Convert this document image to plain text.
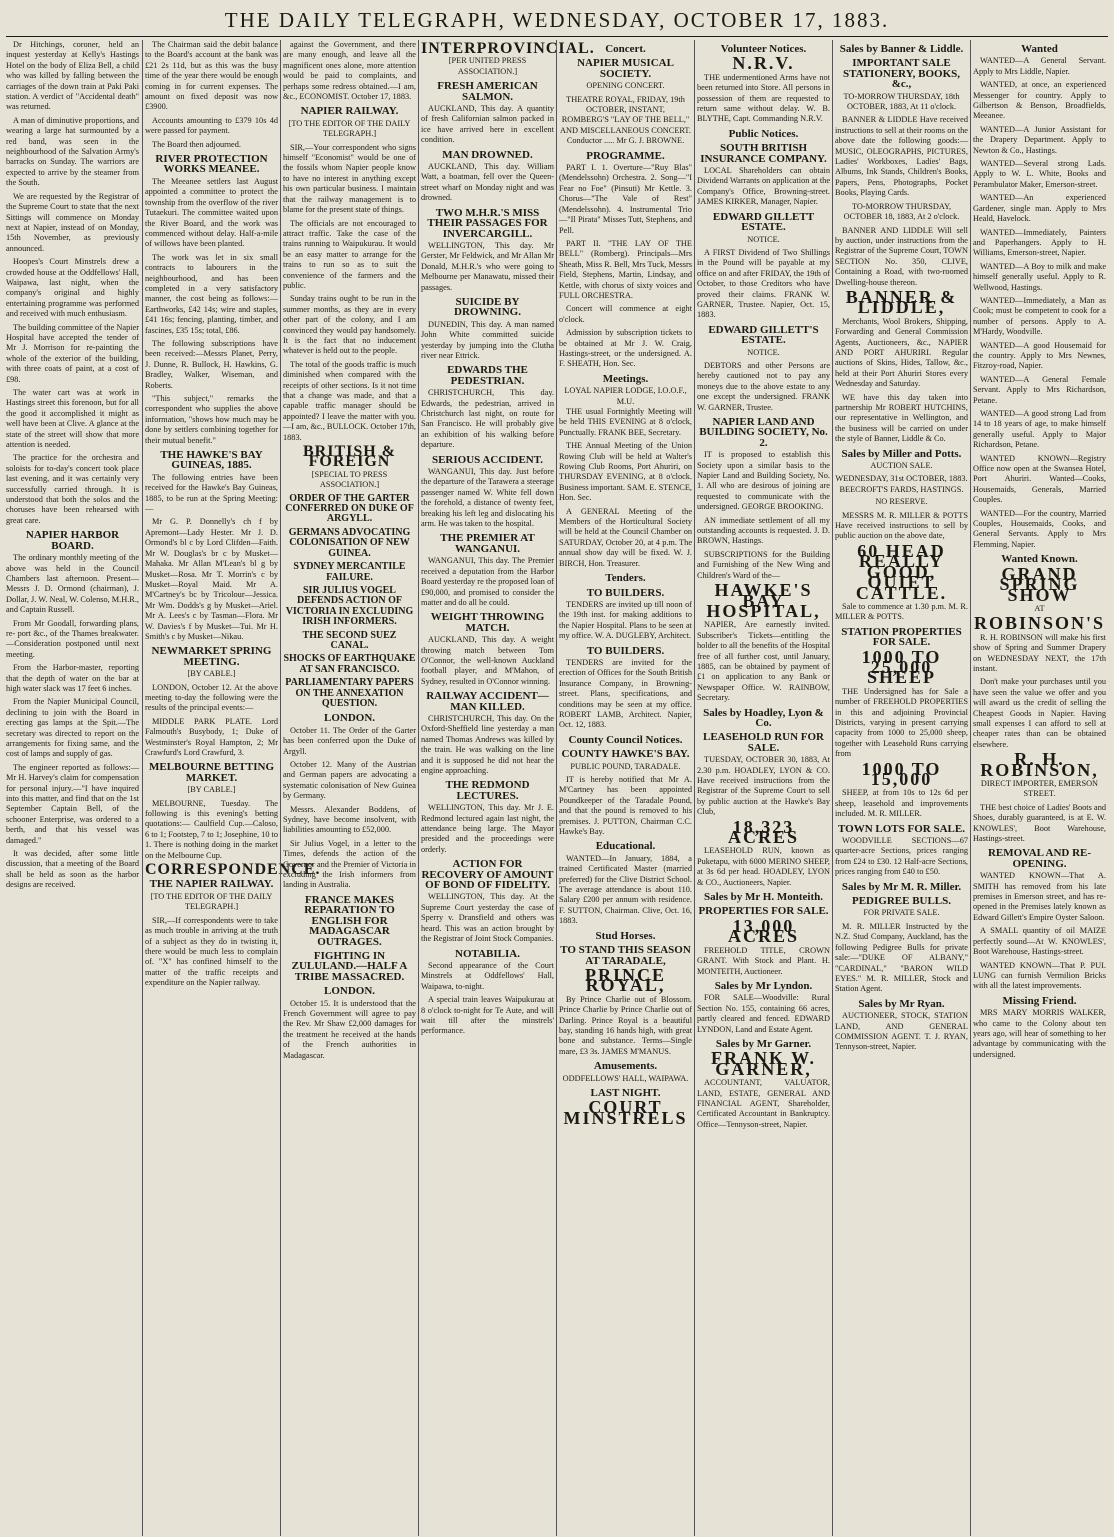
THE DAILY TELEGRAPH, WEDNESDAY, OCTOBER 17, 1883.
Dr Hitchings, coroner, held an inquest yesterday at Kelly's Hastings Hotel on the body of Eliza Bell, a child who was killed by falling between the carriages of the down train at Paki Paki station. A verdict of "Accidental death" was returned.
A man of diminutive proportions, and wearing a large hat surmounted by a red band, was seen in the neighbourhood of the Salvation Army's barracks on Sunday. The warriors are expected to arrive by the steamer from the South.
We are requested by the Registrar of the Supreme Court to state that the next Sittings will commence on Monday next at Napier, instead of on Monday, 15th November, as previously announced.
Hoopes's Court Minstrels drew a crowded house at the Oddfellows' Hall, Waipawa, last night, when the company's original and highly entertaining programme was performed and received with much enthusiasm.
The building committee of the Napier Hospital have accepted the tender of Mr J. Morrison for re-painting the whole of the exterior of the building, with three coats of paint, at a cost of £98.
The water cart was at work in Hastings street this forenoon, but for all the good it accomplished it might as well have been at Clive. A glance at the state of the street will show that more attention is needed.
The practice for the orchestra and soloists for to-day's concert took place last evening, and it was certainly very successfully carried through. It is understood that both the solos and the choruses have been rehearsed with great care.
NAPIER HARBOR BOARD.
The ordinary monthly meeting of the above was held in the Council Chambers last afternoon. Present—Messrs J. D. Ormond (chairman), J. Dollar, J. W. Neal, W. Colenso, M.H.R., and Captain Russell.
From Mr Goodall, forwarding plans, re- port &c., of the Thames breakwater.—Consideration postponed until next meeting.
From the Harbor-master, reporting that the depth of water on the bar at high water slack was 17 feet 6 inches.
From the Napier Municipal Council, declining to join with the Board in erecting gas lamps at the Spit.—The secretary was directed to report on the arrangements for fixing same, and the cost of lamps and supply of gas.
The engineer reported as follows:—Mr H. Harvey's claim for compensation for personal injury.—"I have inquired into this matter, and find that on the 1st September Captain Bell, of the schooner Enterprise, was ordered to a berth, and that his vessel was damaged."
It was decided, after some little discussion, that a meeting of the Board shall be held as soon as the harbor designs are received.
The Chairman said the debit balance to the Board's account at the bank was £21 2s 11d, but as this was the busy time of the year there would be enough coming in for current expenses. The amount on fixed deposit was now £3900.
Accounts amounting to £379 10s 4d were passed for payment.
The Board then adjourned.
RIVER PROTECTION WORKS MEANEE.
The Meeanee settlers last August appointed a committee to protect the township from the overflow of the river Tutaekuri. The committee waited upon the River Board, and the work was commenced without delay. Half-a-mile of willows have been planted.
The work was let in six small contracts to labourers in the neighbourhood, and has been completed in a very satisfactory manner, the cost being as follows:—Earthworks, £42 14s; wire and staples, £41 16s; fencing, planting, timber, and fascines, £35 15s; total, £86.
The following subscriptions have been received:—Messrs Planet, Perry, J. Dunne, R. Bullock, H. Hawkins, G. Bradley, Walker, Wiseman, and Roberts.
"This subject," remarks the correspondent who supplies the above information, "shows how much may be done by settlers combining together for their mutual benefit."
THE HAWKE'S BAY GUINEAS, 1885.
The following entries have been received for the Hawke's Bay Guineas, 1885, to be run at the Spring Meeting:—
Mr G. P. Donnelly's ch f by Apremont—Lady Hester. Mr J. D. Ormond's bl c by Lord Clifden—Faith. Mr W. Douglas's br c by Musket—Mahaka. Mr Allan M'Lean's bl g by Musket—Rosa. Mr T. Morrin's c by Musket—Royal Maid. Mr A. M'Cartney's bc by Tricolour—Jessica. Mr Wm. Dodds's g by Musket—Ariel. Mr A. Lees's c by Tasman—Flora. Mr W. Davies's f by Musket—Tui. Mr H. Smith's c by Musket—Nikau.
NEWMARKET SPRING MEETING.
[BY CABLE.]
LONDON, October 12. At the above meeting to-day the following were the results of the principal events:—
MIDDLE PARK PLATE. Lord Falmouth's Busybody, 1; Duke of Westminster's Royal Hampton, 2; Mr Crawfurd's Lord Crawfurd, 3.
MELBOURNE BETTING MARKET.
[BY CABLE.]
MELBOURNE, Tuesday. The following is this evening's betting quotations:— Caulfield Cup.—Caloso, 6 to 1; Footstep, 7 to 1; Josephine, 10 to 1. There is nothing doing in the market on the Melbourne Cup.
CORRESPONDENCE.
THE NAPIER RAILWAY.
[TO THE EDITOR OF THE DAILY TELEGRAPH.]
SIR,—If correspondents were to take as much trouble in arriving at the truth of a subject as they do in twisting it, there would be much less to complain of. "X" has confined himself to the matter of the traffic receipts and expenditure on the Napier railway.
against the Government, and there are many enough, and leave all the magnificent ones alone, more attention would be paid to complaints, and perhaps some redress obtained.—I am, &c., ECONOMIST. October 17, 1883.
NAPIER RAILWAY.
[TO THE EDITOR OF THE DAILY TELEGRAPH.]
SIR,—Your correspondent who signs himself "Economist" would be one of the fossils whom Napier people know to have no interest in anything except his own particular business. I maintain that the railway management is to blame for the present state of things.
The officials are not encouraged to attract traffic. Take the case of the trains running to Waipukurau. It would be an easy matter to arrange for the trains to run so as to suit the convenience of the farmers and the public.
Sunday trains ought to be run in the summer months, as they are in every other part of the colony, and I am convinced they would pay handsomely. It is the fact that no inducement whatever is held out to the people.
The total of the goods traffic is much diminished when compared with the receipts of other sections. Is it not time that a change was made, and that a capable traffic manager should be appointed? I leave the matter with you.—I am, &c., BULLOCK. October 17th, 1883.
BRITISH & FOREIGN
[SPECIAL TO PRESS ASSOCIATION.]
ORDER OF THE GARTER CONFERRED ON DUKE OF ARGYLL.
GERMANS ADVOCATING COLONISATION OF NEW GUINEA.
SYDNEY MERCANTILE FAILURE.
SIR JULIUS VOGEL DEFENDS ACTION OF VICTORIA IN EXCLUDING IRISH INFORMERS.
THE SECOND SUEZ CANAL.
SHOCKS OF EARTHQUAKE AT SAN FRANCISCO.
PARLIAMENTARY PAPERS ON THE ANNEXATION QUESTION.
LONDON.
October 11. The Order of the Garter has been conferred upon the Duke of Argyll.
October 12. Many of the Austrian and German papers are advocating a systematic colonisation of New Guinea by Germany.
Messrs. Alexander Boddens, of Sydney, have become insolvent, with liabilities amounting to £52,000.
Sir Julius Vogel, in a letter to the Times, defends the action of the Governor and the Premier of Victoria in excluding the Irish informers from landing in Australia.
FRANCE MAKES REPARATION TO ENGLISH FOR MADAGASCAR OUTRAGES.
FIGHTING IN ZULULAND.—HALF A TRIBE MASSACRED.
LONDON.
October 15. It is understood that the French Government will agree to pay the Rev. Mr Shaw £2,000 damages for the treatment he received at the hands of the French authorities in Madagascar.
INTERPROVINCIAL.
[PER UNITED PRESS ASSOCIATION.]
FRESH AMERICAN SALMON.
AUCKLAND, This day. A quantity of fresh Californian salmon packed in ice have arrived here in excellent condition.
MAN DROWNED.
AUCKLAND, This day. William Watt, a boatman, fell over the Queen-street wharf on Monday night and was drowned.
TWO M.H.R.'S MISS THEIR PASSAGES FOR INVERCARGILL.
WELLINGTON, This day. Mr Gerster, Mr Feldwick, and Mr Allan Mr Donald, M.H.R.'s who were going to Melbourne per Manawatu, missed their passages.
SUICIDE BY DROWNING.
DUNEDIN, This day. A man named John White committed suicide yesterday by jumping into the Clutha river near Ettrick.
EDWARDS THE PEDESTRIAN.
CHRISTCHURCH, This day. Edwards, the pedestrian, arrived in Christchurch last night, on route for San Francisco. He will probably give an exhibition of his walking before departure.
SERIOUS ACCIDENT.
WANGANUI, This day. Just before the departure of the Tarawera a steerage passenger named W. White fell down the forehold, a distance of twenty feet, breaking his left leg and dislocating his arm. He was taken to the hospital.
THE PREMIER AT WANGANUI.
WANGANUI, This day. The Premier received a deputation from the Harbor Board yesterday re the proposed loan of £90,000, and promised to consider the matter and do all he could.
WEIGHT THROWING MATCH.
AUCKLAND, This day. A weight throwing match between Tom O'Connor, the well-known Auckland football player, and M'Mahon, of Sydney, resulted in O'Connor winning.
RAILWAY ACCIDENT—MAN KILLED.
CHRISTCHURCH, This day. On the Oxford-Sheffield line yesterday a man named Thomas Andrews was killed by the train. He was walking on the line and it is supposed he did not hear the engine approaching.
THE REDMOND LECTURES.
WELLINGTON, This day. Mr J. E. Redmond lectured again last night, the attendance being large. The Mayor presided and the proceedings were orderly.
ACTION FOR RECOVERY OF AMOUNT OF BOND OF FIDELITY.
WELLINGTON, This day. At the Supreme Court yesterday the case of Sperry v. Dransfield and others was heard. This was an action brought by the Registrar of Joint Stock Companies.
NOTABILIA.
Second appearance of the Court Minstrels at Oddfellows' Hall, Waipawa, to-night.
A special train leaves Waipukurau at 8 o'clock to-night for Te Aute, and will wait till after the minstrels' performance.
Concert.
NAPIER MUSICAL SOCIETY.
OPENING CONCERT.
THEATRE ROYAL, FRIDAY, 19th OCTOBER, INSTANT,
ROMBERG'S "LAY OF THE BELL," AND MISCELLANEOUS CONCERT.
Conductor ..... Mr G. J. BROWNE.
PROGRAMME.
PART I. 1. Overture—"Ruy Blas" (Mendelssohn) Orchestra. 2. Song—"I Fear no Foe" (Pinsuti) Mr Kettle. 3. Chorus—"The Vale of Rest" (Mendelssohn). 4. Instrumental Trio—"Il Pirata" Misses Tutt, Stephens, and Pell.
PART II. "THE LAY OF THE BELL" (Romberg). Principals—Mrs Sheath, Miss R. Bell, Mrs Tuck, Messrs Field, Stephens, Martin, Lindsay, and Kettle, with chorus of sixty voices and FULL ORCHESTRA.
Concert will commence at eight o'clock.
Admission by subscription tickets to be obtained at Mr J. W. Craig, Hastings-street, or the undersigned. A. F. SHEATH, Hon. Sec.
Meetings.
LOYAL NAPIER LODGE, I.O.O.F., M.U.
THE usual Fortnightly Meeting will be held THIS EVENING at 8 o'clock, Punctually. FRANK BEE, Secretary.
THE Annual Meeting of the Union Rowing Club will be held at Walter's Rowing Club Rooms, Port Ahuriri, on THURSDAY EVENING, at 8 o'clock. Business important. SAM. E. STENCE, Hon. Sec.
A GENERAL Meeting of the Members of the Horticultural Society will be held at the Council Chamber on SATURDAY, October 20, at 4 p.m. The annual show day will be fixed. W. J. BIRCH, Hon. Treasurer.
Tenders.
TO BUILDERS.
TENDERS are invited up till noon of the 19th inst. for making additions to the Napier Hospital. Plans to be seen at my office. W. A. DUGLEBY, Architect.
TO BUILDERS.
TENDERS are invited for the erection of Offices for the South British Insurance Company, in Browning-street. Plans, specifications, and conditions may be seen at my office. ROBERT LAMB, Architect. Napier, Oct. 12, 1883.
County Council Notices.
COUNTY HAWKE'S BAY.
PUBLIC POUND, TARADALE.
IT is hereby notified that Mr A. M'Cartney has been appointed Poundkeeper of the Taradale Pound, and that the pound is removed to his premises. J. PUTTON, Chairman C.C. Hawke's Bay.
Educational.
WANTED—In January, 1884, a trained Certificated Master (married preferred) for the Clive District School. The average attendance is about 110. Salary £200 per annum with residence. F. SUTTON, Chairman. Clive, Oct. 16, 1883.
Stud Horses.
TO STAND THIS SEASON AT TARADALE,
PRINCE ROYAL,
By Prince Charlie out of Blossom. Prince Charlie by Prince Charlie out of Darling. Prince Royal is a beautiful bay, standing 16 hands high, with great bone and substance. Terms—Single mare, £3 3s. JAMES M'MANUS.
Amusements.
ODDFELLOWS' HALL, WAIPAWA.
LAST NIGHT.
COURT MINSTRELS
Volunteer Notices.
N.R.V.
THE undermentioned Arms have not been returned into Store. All persons in possession of them are requested to return same without delay. W. B. BLYTHE, Capt. Commanding N.R.V.
Public Notices.
SOUTH BRITISH INSURANCE COMPANY.
LOCAL Shareholders can obtain Dividend Warrants on application at the Company's Office, Browning-street. JAMES KIRKER, Manager, Napier.
EDWARD GILLETT ESTATE.
NOTICE.
A FIRST Dividend of Two Shillings in the Pound will be payable at my office on and after FRIDAY, the 19th of October, to those Creditors who have proved their claims. FRANK W. GARNER, Trustee. Napier, Oct. 15, 1883.
EDWARD GILLETT'S ESTATE.
NOTICE.
DEBTORS and other Persons are hereby cautioned not to pay any moneys due to the above estate to any one except the undersigned. FRANK W. GARNER, Trustee.
NAPIER LAND AND BUILDING SOCIETY, No. 2.
IT is proposed to establish this Society upon a similar basis to the Napier Land and Building Society, No. 1. All who are desirous of joining are requested to communicate with the undersigned. GEORGE BROOKING.
AN immediate settlement of all my outstanding accounts is requested. J. D. BROWN, Hastings.
SUBSCRIPTIONS for the Building and Furnishing of the New Wing and Children's Ward of the—
HAWKE'S BAY HOSPITAL,
NAPIER, Are earnestly invited. Subscriber's Tickets—entitling the holder to all the benefits of the Hospital free of all further cost, until January, 1885, can be obtained by payment of £1 on application to any Bank or Newspaper Office. W. RAINBOW, Secretary.
Sales by Hoadley, Lyon & Co.
LEASEHOLD RUN FOR SALE.
TUESDAY, OCTOBER 30, 1883, At 2.30 p.m. HOADLEY, LYON & CO. Have received instructions from the Registrar of the Supreme Court to sell by public auction at the Hawke's Bay Club,
18,323 ACRES
LEASEHOLD RUN, known as Puketapu, with 6000 MERINO SHEEP, at 3s 6d per head. HOADLEY, LYON & CO., Auctioneers, Napier.
Sales by Mr H. Monteith.
PROPERTIES FOR SALE.
13,000 ACRES
FREEHOLD TITLE, CROWN GRANT. With Stock and Plant. H. MONTEITH, Auctioneer.
Sales by Mr Lyndon.
FOR SALE—Woodville: Rural Section No. 155, containing 66 acres, partly cleared and fenced. EDWARD LYNDON, Land and Estate Agent.
Sales by Mr Garner.
FRANK W. GARNER,
ACCOUNTANT, VALUATOR, LAND, ESTATE, GENERAL AND FINANCIAL AGENT, Shareholder, Certificated Accountant in Bankruptcy. Office—Tennyson-street, Napier.
Sales by Banner & Liddle.
IMPORTANT SALE STATIONERY, BOOKS, &c.,
TO-MORROW THURSDAY, 18th OCTOBER, 1883, At 11 o'clock.
BANNER & LIDDLE Have received instructions to sell at their rooms on the above date the following goods:—MUSIC, OLEOGRAPHS, PICTURES, Ladies' Workboxes, Ladies' Bags, Albums, Ink Stands, Children's Books, Papers, Pens, Photographs, Pocket Books, Playing Cards.
TO-MORROW THURSDAY, OCTOBER 18, 1883, At 2 o'clock.
BANNER AND LIDDLE Will sell by auction, under instructions from the Registrar of the Supreme Court, TOWN SECTION No. 350, CLIVE, Containing a Road, with two-roomed Dwelling-house thereon.
BANNER & LIDDLE,
Merchants, Wool Brokers, Shipping, Forwarding and General Commission Agents, Auctioneers, &c., NAPIER AND PORT AHURIRI. Regular auctions of Skins, Hides, Tallow, &c., held at their Port Ahuriri Stores every Wednesday and Saturday.
WE have this day taken into partnership Mr ROBERT HUTCHINS, our representative in Wellington, and the business will be carried on under the style of Banner, Liddle & Co.
Sales by Miller and Potts.
AUCTION SALE.
WEDNESDAY, 31st OCTOBER, 1883.
BEECROFT'S FARDS, HASTINGS.
NO RESERVE.
MESSRS M. R. MILLER & POTTS Have received instructions to sell by public auction on the above date,
60 HEAD REALLY GOOD, QUIET CATTLE.
Sale to commence at 1.30 p.m. M. R. MILLER & POTTS.
STATION PROPERTIES FOR SALE.
1000 TO 25,000 SHEEP
THE Undersigned has for Sale a number of FREEHOLD PROPERTIES in this and adjoining Provincial Districts, varying in present carrying capacity from 1000 to 25,000 sheep, together with Leasehold Runs carrying from
1000 TO 15,000
SHEEP, at from 10s to 12s 6d per sheep, leasehold and improvements included. M. R. MILLER.
TOWN LOTS FOR SALE.
WOODVILLE SECTIONS—67 quarter-acre Sections, prices ranging from £24 to £30. 12 Half-acre Sections, prices ranging from £40 to £50.
Sales by Mr M. R. Miller.
PEDIGREE BULLS.
FOR PRIVATE SALE.
M. R. MILLER Instructed by the N.Z. Stud Company, Auckland, has the following Pedigree Bulls for private sale:—"DUKE OF ALBANY," "CARDINAL," "BARON WILD EYES." M. R. MILLER, Stock and Station Agent.
Sales by Mr Ryan.
AUCTIONEER, STOCK, STATION LAND, AND GENERAL COMMISSION AGENT. T. J. RYAN, Tennyson-street, Napier.
Wanted
WANTED—A General Servant. Apply to Mrs Liddle, Napier.
WANTED, at once, an experienced Messenger for country. Apply to Gilbertson & Benson, Broadfields, Meeanee.
WANTED—A Junior Assistant for the Drapery Department. Apply to Newton & Co., Hastings.
WANTED—Several strong Lads. Apply to W. L. White, Books and Perambulator Maker, Emerson-street.
WANTED—An experienced Gardener, single man. Apply to Mrs Heald, Havelock.
WANTED—Immediately, Painters and Paperhangers. Apply to H. Williams, Emerson-street, Napier.
WANTED—A Boy to milk and make himself generally useful. Apply to R. Wellwood, Hastings.
WANTED—Immediately, a Man as Cook; must be competent to cook for a number of persons. Apply to A. M'Hardy, Woodville.
WANTED—A good Housemaid for the country. Apply to Mrs Newnes, Fitzroy-road, Napier.
WANTED—A General Female Servant. Apply to Mrs Richardson, Petane.
WANTED—A good strong Lad from 14 to 18 years of age, to make himself generally useful. Apply to Major Richardson, Petane.
WANTED KNOWN—Registry Office now open at the Swansea Hotel, Port Ahuriri. Wanted—Cooks, Housemaids, Generals, Married Couples.
WANTED—For the country, Married Couples, Housemaids, Cooks, and General Servants. Apply to Mrs Flemming, Napier.
Wanted Known.
GRAND SPRING SHOW
AT
ROBINSON'S
R. H. ROBINSON will make his first show of Spring and Summer Drapery on WEDNESDAY NEXT, the 17th instant.
Don't make your purchases until you have seen the value we offer and you will award us the credit of selling the Cheapest Goods in Napier. Having small expenses I can afford to sell at cheaper rates than can be obtained elsewhere.
R. H. ROBINSON,
DIRECT IMPORTER, EMERSON STREET.
THE best choice of Ladies' Boots and Shoes, durably guaranteed, is at E. W. KNOWLES', Boot Warehouse, Hastings-street.
REMOVAL AND RE-OPENING.
WANTED KNOWN—That A. SMITH has removed from his late premises in Emerson street, and has re-opened in the Premises lately known as Edward Gillett's Empire Oyster Saloon.
A SMALL quantity of oil MAIZE perfectly sound—At W. KNOWLES', Boot Warehouse, Hastings-street.
WANTED KNOWN—That P. PUI. LUNG can furnish Vermilion Bricks with all the latest improvements.
Missing Friend.
MRS MARY MORRIS WALKER, who came to the Colony about ten years ago, will hear of something to her advantage by communicating with the undersigned.
